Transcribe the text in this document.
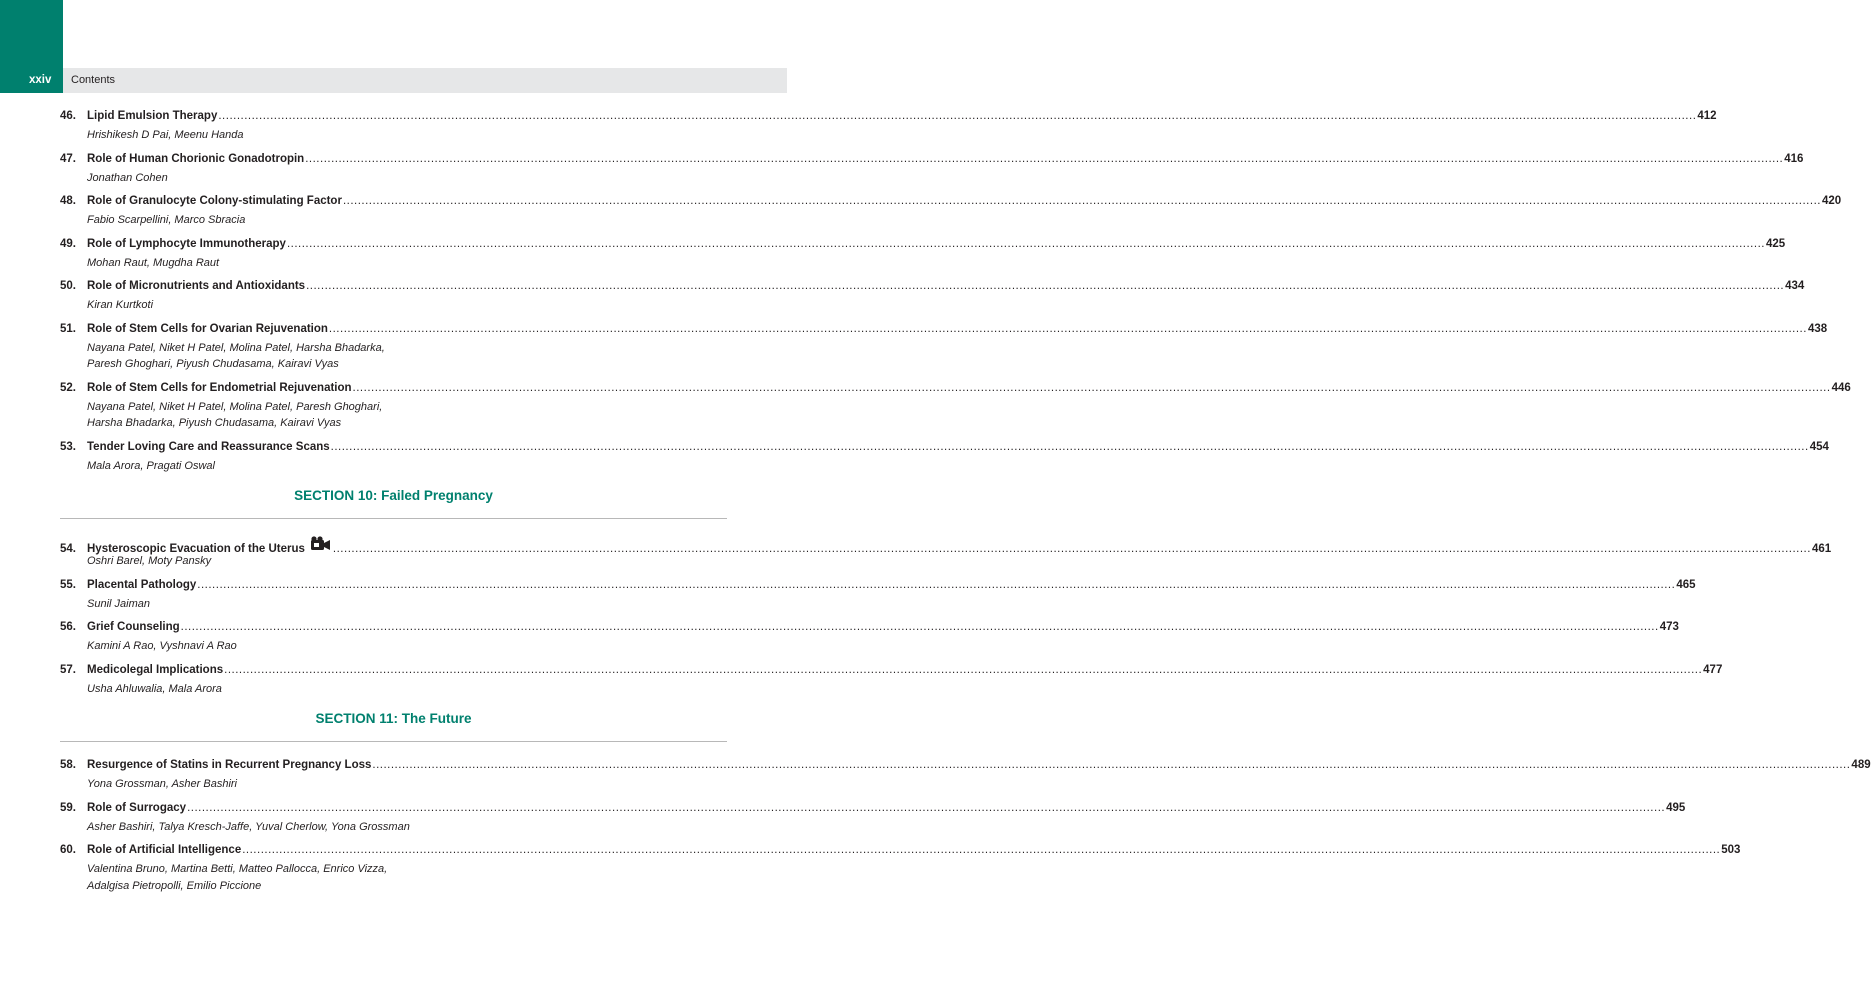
xxiv	Contents
46. Lipid Emulsion Therapy ................................................................................................................................................................................................................................................................................................................................................................................................................ 412
Hrishikesh D Pai, Meenu Handa
47. Role of Human Chorionic Gonadotropin ................................................................................................................................................................................................................................................................................................................................................................................................................ 416
Jonathan Cohen
48. Role of Granulocyte Colony-stimulating Factor ................................................................................................................................................................................................................................................................................................................................................................................................................ 420
Fabio Scarpellini, Marco Sbracia
49. Role of Lymphocyte Immunotherapy ................................................................................................................................................................................................................................................................................................................................................................................................................ 425
Mohan Raut, Mugdha Raut
50. Role of Micronutrients and Antioxidants ................................................................................................................................................................................................................................................................................................................................................................................................................ 434
Kiran Kurtkoti
51. Role of Stem Cells for Ovarian Rejuvenation ................................................................................................................................................................................................................................................................................................................................................................................................................ 438
Nayana Patel, Niket H Patel, Molina Patel, Harsha Bhadarka,
Paresh Ghoghari, Piyush Chudasama, Kairavi Vyas
52. Role of Stem Cells for Endometrial Rejuvenation ................................................................................................................................................................................................................................................................................................................................................................................................................ 446
Nayana Patel, Niket H Patel, Molina Patel, Paresh Ghoghari,
Harsha Bhadarka, Piyush Chudasama, Kairavi Vyas
53. Tender Loving Care and Reassurance Scans ................................................................................................................................................................................................................................................................................................................................................................................................................ 454
Mala Arora, Pragati Oswal
SECTION 10: Failed Pregnancy
54. Hysteroscopic Evacuation of the Uterus ................................................................................................................................................................................................................................................................................................................................................................................................................ 461
Oshri Barel, Moty Pansky
55. Placental Pathology ................................................................................................................................................................................................................................................................................................................................................................................................................ 465
Sunil Jaiman
56. Grief Counseling ................................................................................................................................................................................................................................................................................................................................................................................................................ 473
Kamini A Rao, Vyshnavi A Rao
57. Medicolegal Implications ................................................................................................................................................................................................................................................................................................................................................................................................................ 477
Usha Ahluwalia, Mala Arora
SECTION 11: The Future
58. Resurgence of Statins in Recurrent Pregnancy Loss ................................................................................................................................................................................................................................................................................................................................................................................................................ 489
Yona Grossman, Asher Bashiri
59. Role of Surrogacy ................................................................................................................................................................................................................................................................................................................................................................................................................ 495
Asher Bashiri, Talya Kresch-Jaffe, Yuval Cherlow, Yona Grossman
60. Role of Artificial Intelligence ................................................................................................................................................................................................................................................................................................................................................................................................................ 503
Valentina Bruno, Martina Betti, Matteo Pallocca, Enrico Vizza,
Adalgisa Pietropolli, Emilio Piccione
